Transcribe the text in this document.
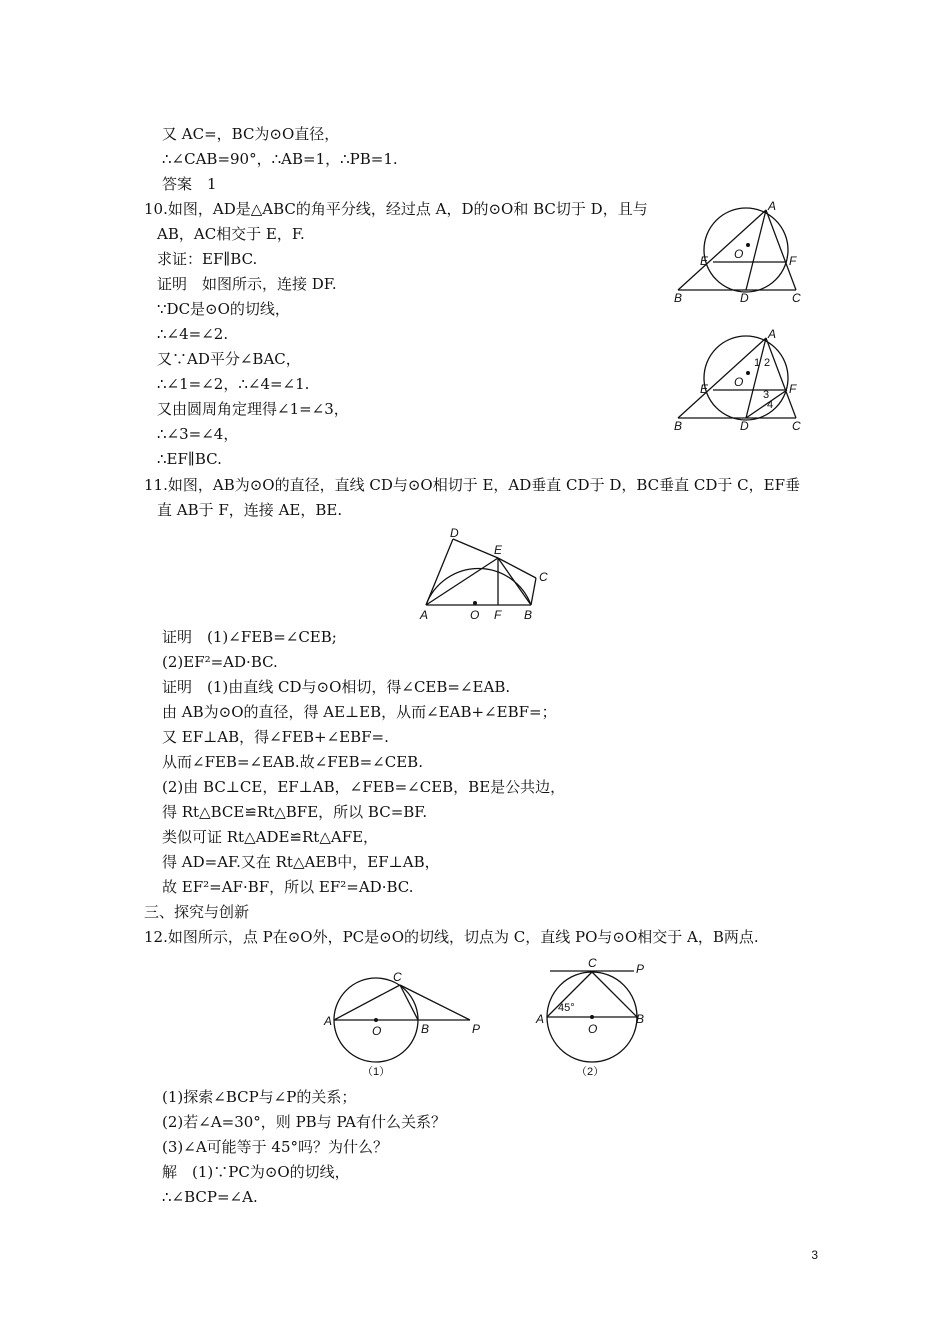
又 AC=，BC为⊙O直径，
∴∠CAB=90°，∴AB=1，∴PB=1.
答案　1
10.如图，AD是△ABC的角平分线，经过点 A，D的⊙O和 BC切于 D，且与
AB，AC相交于 E，F.
求证：EF∥BC.
证明　如图所示，连接 DF.
∵DC是⊙O的切线，
∴∠4=∠2.
又∵AD平分∠BAC，
∴∠1=∠2，∴∠4=∠1.
又由圆周角定理得∠1=∠3，
∴∠3=∠4，
∴EF∥BC.
11.如图，AB为⊙O的直径，直线 CD与⊙O相切于 E，AD垂直 CD于 D，BC垂直 CD于 C，EF垂
直 AB于 F，连接 AE，BE.
证明　(1)∠FEB=∠CEB;
(2)EF²=AD·BC.
证明　(1)由直线 CD与⊙O相切，得∠CEB=∠EAB.
由 AB为⊙O的直径，得 AE⊥EB，从而∠EAB+∠EBF=；
又 EF⊥AB，得∠FEB+∠EBF=.
从而∠FEB=∠EAB.故∠FEB=∠CEB.
(2)由 BC⊥CE，EF⊥AB，∠FEB=∠CEB，BE是公共边，
得 Rt△BCE≌Rt△BFE，所以 BC=BF.
类似可证 Rt△ADE≌Rt△AFE，
得 AD=AF.又在 Rt△AEB中，EF⊥AB，
故 EF²=AF·BF，所以 EF²=AD·BC.
三、探究与创新
12.如图所示，点 P在⊙O外，PC是⊙O的切线，切点为 C，直线 PO与⊙O相交于 A，B两点.
(1)探索∠BCP与∠P的关系；
(2)若∠A=30°，则 PB与 PA有什么关系？
(3)∠A可能等于 45°吗？为什么？
解　(1)∵PC为⊙O的切线，
∴∠BCP=∠A.
A
B	C
D
E	F
O
A
B	C
D
E	F
O
1 2
3
4
A	B
C
D
E
F
O
A
B
C
O	P
（1）
A	B
C
O
P
45°
（2）
3
